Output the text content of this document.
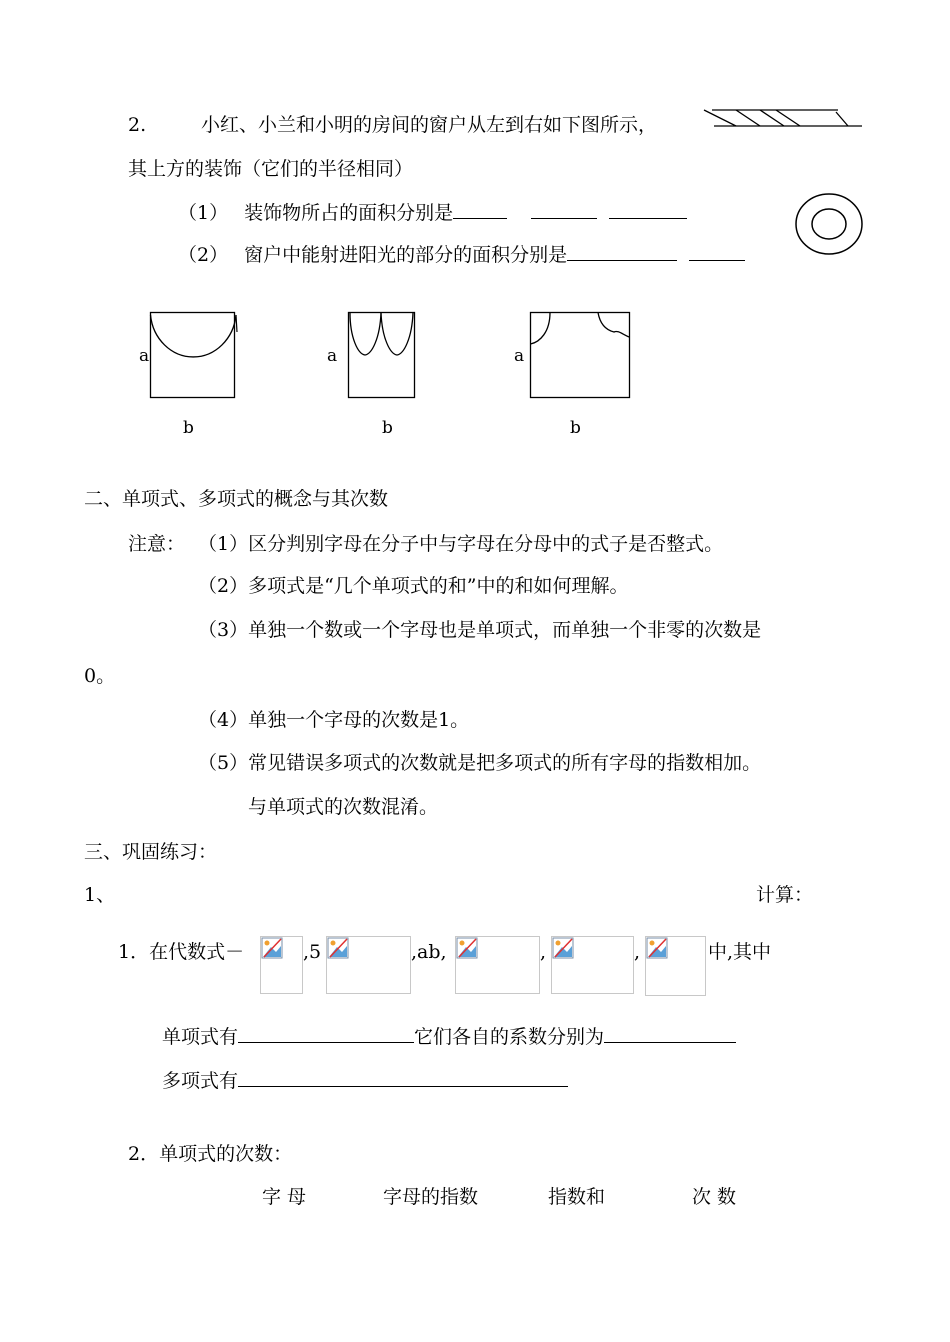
2.	小红、小兰和小明的房间的窗户从左到右如下图所示，
其上方的装饰（它们的半径相同）
（1） 装饰物所占的面积分别是
（2） 窗户中能射进阳光的部分的面积分别是
a
b
a
b
a
b
二、单项式、多项式的概念与其次数
注意： （1）区分判别字母在分子中与字母在分母中的式子是否整式。
（2）多项式是“几个单项式的和”中的和如何理解。
（3）单独一个数或一个字母也是单项式，而单独一个非零的次数是
0。
（4）单独一个字母的次数是1。
（5）常见错误多项式的次数就是把多项式的所有字母的指数相加。
与单项式的次数混淆。
三、巩固练习：
1、	计算：
1．在代数式－	,5	,ab,	,	,	中,其中
单项式有	它们各自的系数分别为
多项式有
2．单项式的次数：
字 母	字母的指数	指数和	次 数
